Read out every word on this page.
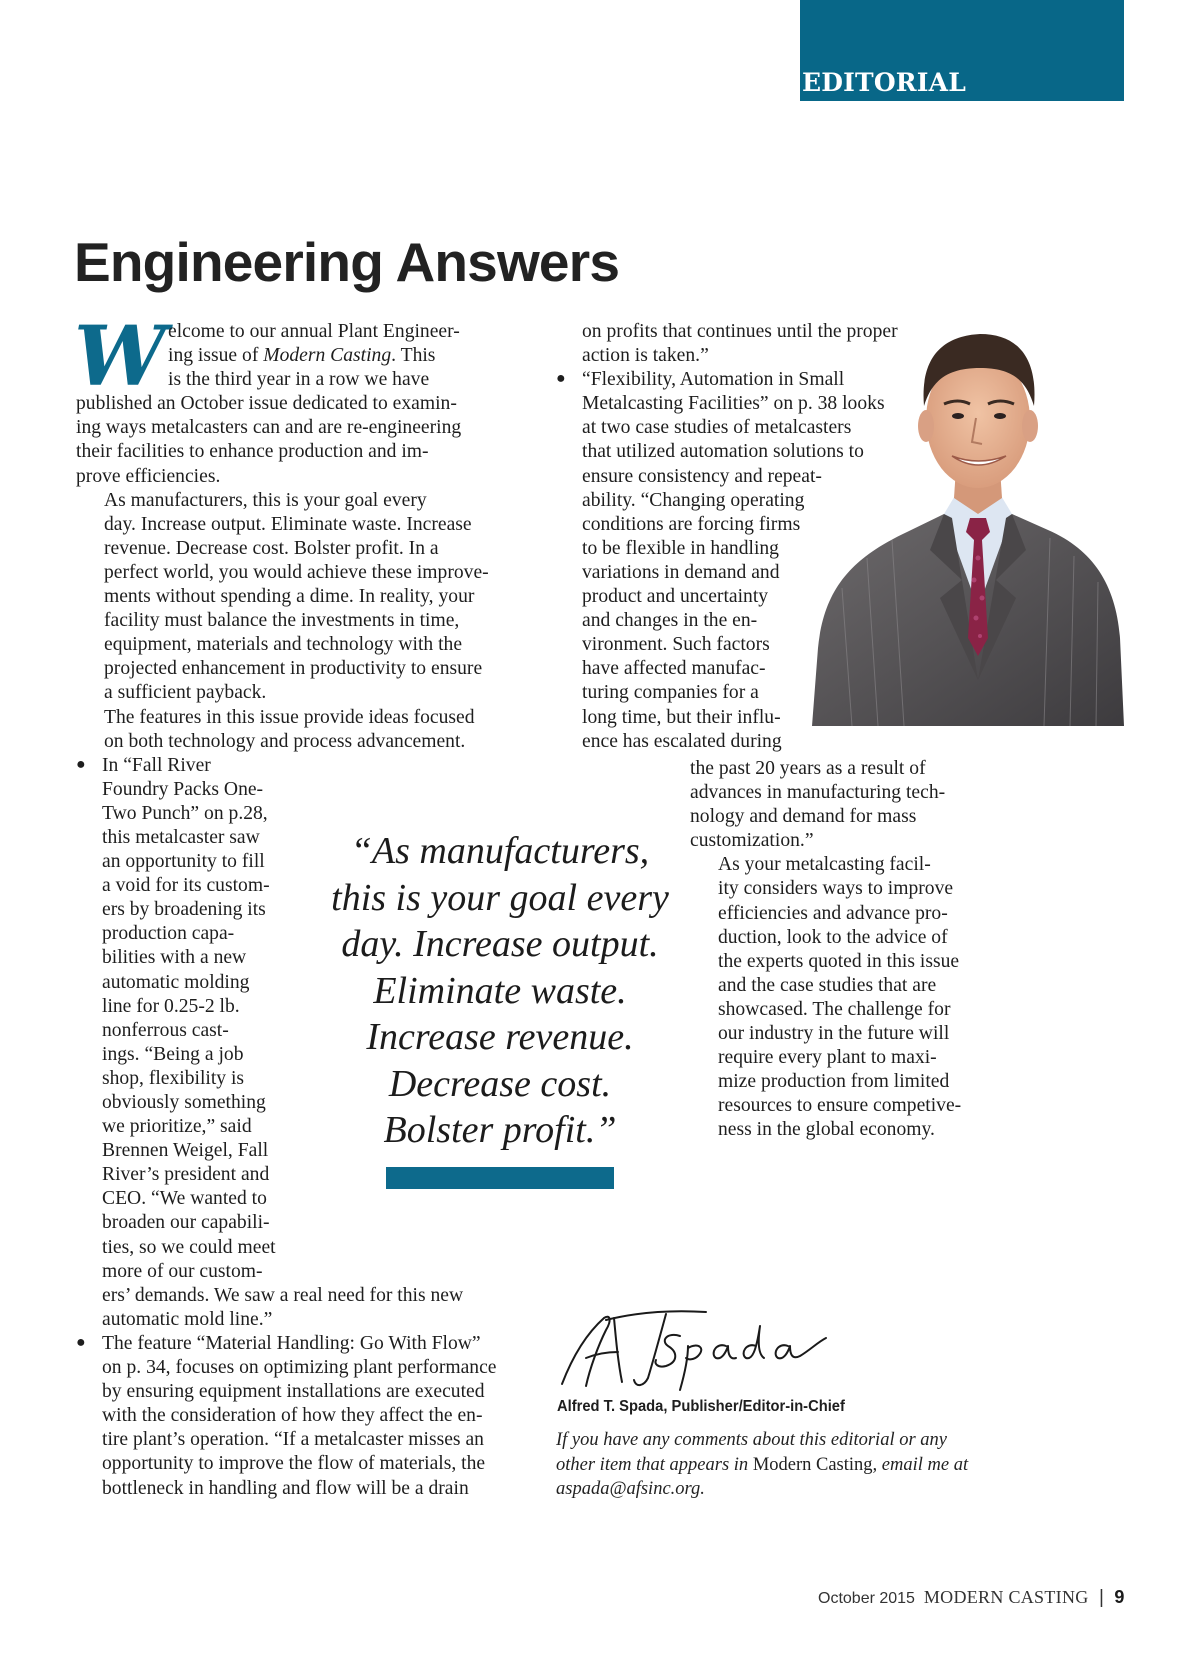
EDITORIAL
Engineering Answers
W elcome to our annual Plant Engineer-
ing issue of Modern Casting. This
is the third year in a row we have
published an October issue dedicated to examin-
ing ways metalcasters can and are re-engineering
their facilities to enhance production and im-
prove efficiencies.

As manufacturers, this is your goal every
day. Increase output. Eliminate waste. Increase
revenue. Decrease cost. Bolster profit. In a
perfect world, you would achieve these improve-
ments without spending a dime. In reality, your
facility must balance the investments in time,
equipment, materials and technology with the
projected enhancement in productivity to ensure
a sufficient payback.

The features in this issue provide ideas focused
on both technology and process advancement.

● In “Fall River
Foundry Packs One-
Two Punch” on p.28,
this metalcaster saw
an opportunity to fill
a void for its custom-
ers by broadening its
production capa-
bilities with a new
automatic molding
line for 0.25-2 lb.
nonferrous cast-
ings. “Being a job
shop, flexibility is
obviously something
we prioritize,” said
Brennen Weigel, Fall
River’s president and
CEO. “We wanted to
broaden our capabili-
ties, so we could meet
more of our custom-
ers’ demands. We saw a real need for this new
automatic mold line.”
● The feature “Material Handling: Go With Flow”
on p. 34, focuses on optimizing plant performance
by ensuring equipment installations are executed
with the consideration of how they affect the en-
tire plant’s operation. “If a metalcaster misses an
opportunity to improve the flow of materials, the
bottleneck in handling and flow will be a drain

on profits that continues until the proper
action is taken.”

● “Flexibility, Automation in Small
Metalcasting Facilities” on p. 38 looks
at two case studies of metalcasters
that utilized automation solutions to
ensure consistency and repeat-
ability. “Changing operating
conditions are forcing firms
to be flexible in handling
variations in demand and
product and uncertainty
and changes in the en-
vironment. Such factors
have affected manufac-
turing companies for a
long time, but their influ-
ence has escalated during

the past 20 years as a result of
advances in manufacturing tech-
nology and demand for mass
customization.”

As your metalcasting facil-
ity considers ways to improve
efficiencies and advance pro-
duction, look to the advice of
the experts quoted in this issue
and the case studies that are
showcased. The challenge for
our industry in the future will
require every plant to maxi-
mize production from limited
resources to ensure competive-
ness in the global economy.

“As manufacturers,
this is your goal every
day. Increase output.
Eliminate waste.
Increase revenue.
Decrease cost.
Bolster profit.”
Alfred T. Spada, Publisher/Editor-in-Chief
If you have any comments about this editorial or any
other item that appears in Modern Casting, email me at
aspada@afsinc.org.
October 2015 MODERN CASTING | 9
